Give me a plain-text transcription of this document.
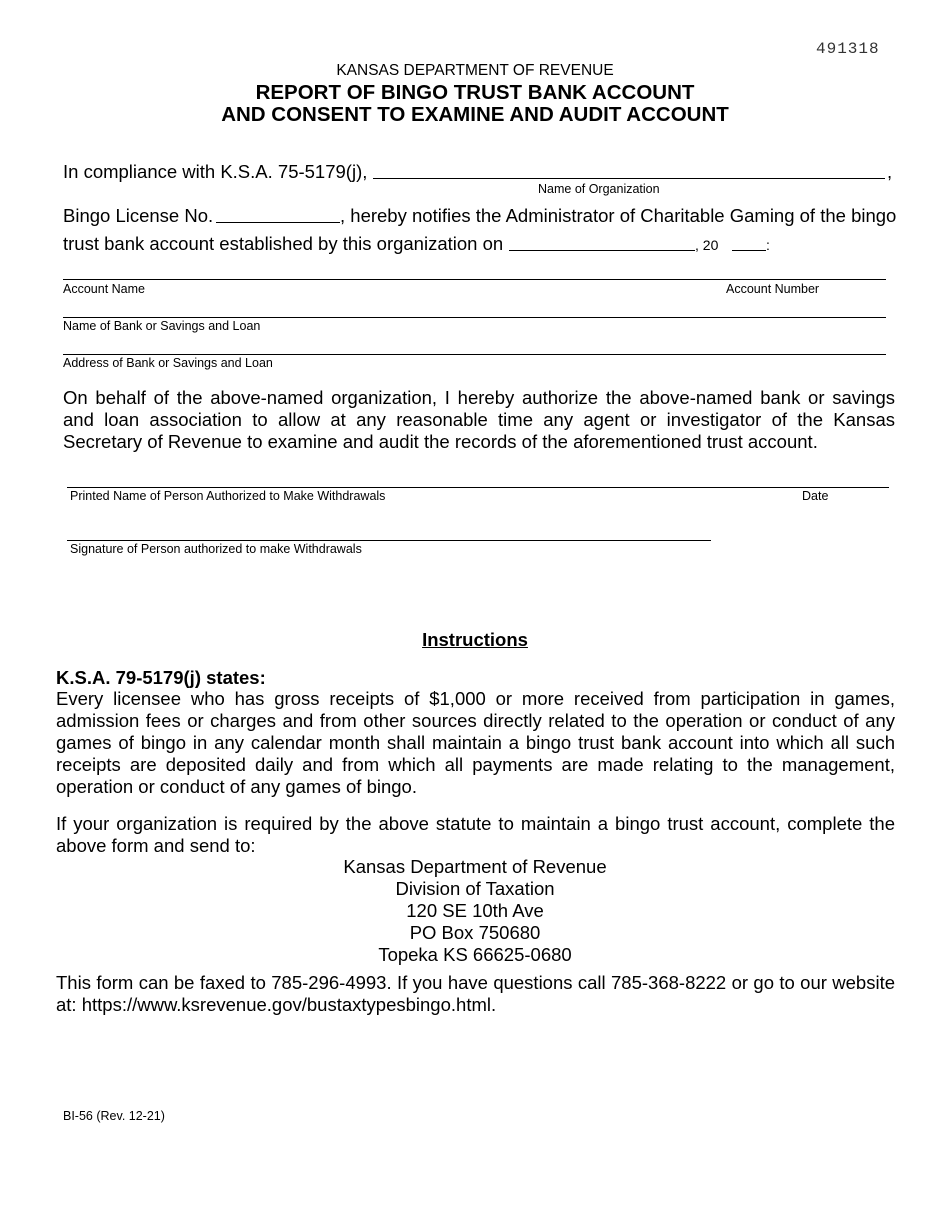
491318
KANSAS DEPARTMENT OF REVENUE
REPORT OF BINGO TRUST BANK ACCOUNT
AND CONSENT TO EXAMINE AND AUDIT ACCOUNT
In compliance with K.S.A. 75-5179(j),	,
Name of Organization
Bingo License No.	, hereby notifies the Administrator of Charitable Gaming of the bingo
trust bank account established by this organization on	, 20	:
Account Name	Account Number
Name of Bank or Savings and Loan
Address of Bank or Savings and Loan
On behalf of the above-named organization, I hereby authorize the above-named bank or savings and loan association to allow at any reasonable time any agent or investigator of the Kansas Secretary of Revenue to examine and audit the records of the aforementioned trust account.
Printed Name of Person Authorized to Make Withdrawals	Date
Signature of Person authorized to make Withdrawals
Instructions
K.S.A. 79-5179(j) states:
Every licensee who has gross receipts of $1,000 or more received from participation in games, admission fees or charges and from other sources directly related to the operation or conduct of any games of bingo in any calendar month shall maintain a bingo trust bank account into which all such receipts are deposited daily and from which all payments are made relating to the management, operation or conduct of any games of bingo.
If your organization is required by the above statute to maintain a bingo trust account, complete the above form and send to:
Kansas Department of Revenue
Division of Taxation
120 SE 10th Ave
PO Box 750680
Topeka KS 66625-0680
This form can be faxed to 785-296-4993. If you have questions call 785-368-8222 or go to our website at: https://www.ksrevenue.gov/bustaxtypesbingo.html.
BI-56 (Rev. 12-21)
